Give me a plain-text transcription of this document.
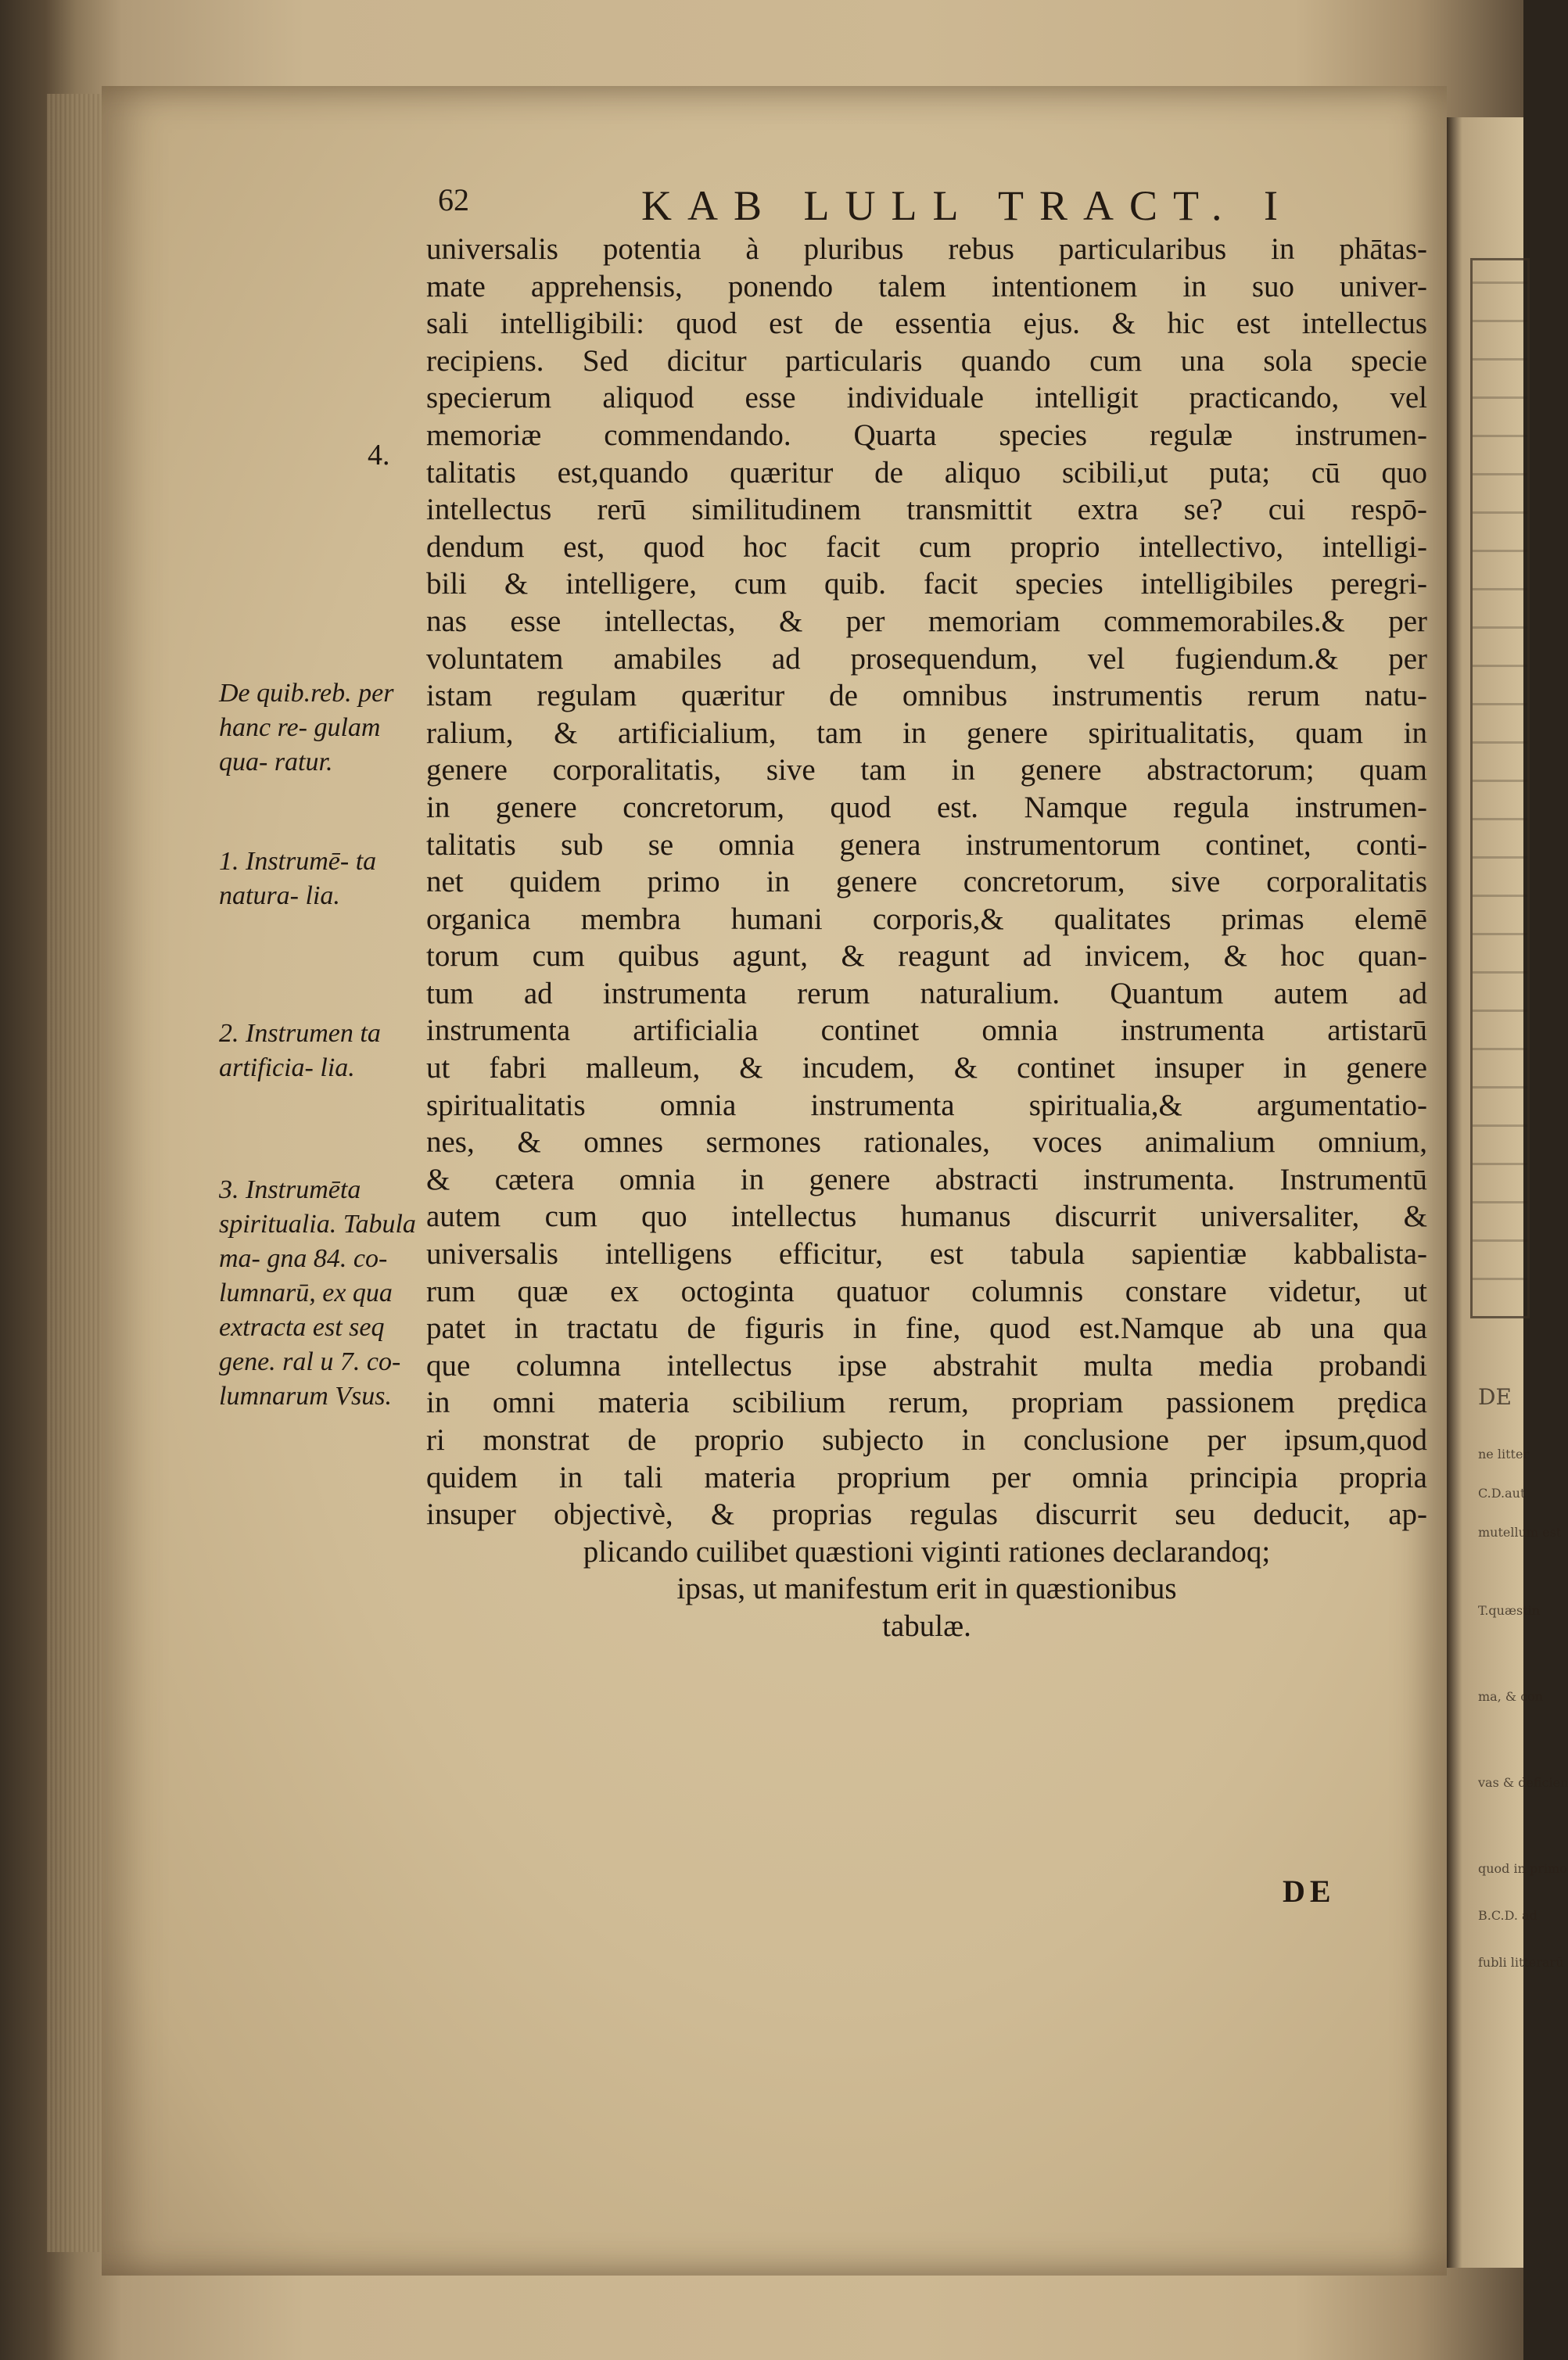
DE
ne litter
C.D.aut
mutellum est
T.quæstin
ma, & con
vas & deficien
quod in primo
B.C.D. ad
fubli litterarū
62	KAB LULL TRACT. I
4.
De quib.reb. per hanc re- gulam qua- ratur.
1. Instrumē- ta natura- lia.
2. Instrumen ta artificia- lia.
3. Instrumēta spiritualia. Tabula ma- gna 84. co- lumnarū, ex qua extracta est seq gene. ral u 7. co- lumnarum Vsus.
universalis potentia à pluribus rebus particularibus in phātas-
mate apprehensis, ponendo talem intentionem in suo univer-
sali intelligibili: quod est de essentia ejus. & hic est intellectus
recipiens. Sed dicitur particularis quando cum una sola specie
specierum aliquod esse individuale intelligit practicando, vel
memoriæ commendando. Quarta species regulæ instrumen-
talitatis est,quando quæritur de aliquo scibili,ut puta; cū quo
intellectus rerū similitudinem transmittit extra se? cui respō-
dendum est, quod hoc facit cum proprio intellectivo, intelligi-
bili & intelligere, cum quib. facit species intelligibiles peregri-
nas esse intellectas, & per memoriam commemorabiles.& per
voluntatem amabiles ad prosequendum, vel fugiendum.& per
istam regulam quæritur de omnibus instrumentis rerum natu-
ralium, & artificialium, tam in genere spiritualitatis, quam in
genere corporalitatis, sive tam in genere abstractorum; quam
in genere concretorum, quod est. Namque regula instrumen-
talitatis sub se omnia genera instrumentorum continet, conti-
net quidem primo in genere concretorum, sive corporalitatis
organica membra humani corporis,& qualitates primas elemē
torum cum quibus agunt, & reagunt ad invicem, & hoc quan-
tum ad instrumenta rerum naturalium. Quantum autem ad
instrumenta artificialia continet omnia instrumenta artistarū
ut fabri malleum, & incudem, & continet insuper in genere
spiritualitatis omnia instrumenta spiritualia,& argumentatio-
nes, & omnes sermones rationales, voces animalium omnium,
& cætera omnia in genere abstracti instrumenta. Instrumentū
autem cum quo intellectus humanus discurrit universaliter, &
universalis intelligens efficitur, est tabula sapientiæ kabbalista-
rum quæ ex octoginta quatuor columnis constare videtur, ut
patet in tractatu de figuris in fine, quod est.Namque ab una qua
que columna intellectus ipse abstrahit multa media probandi
in omni materia scibilium rerum, propriam passionem prędica
ri monstrat de proprio subjecto in conclusione per ipsum,quod
quidem in tali materia proprium per omnia principia propria
insuper objectivè, & proprias regulas discurrit seu deducit, ap-
plicando cuilibet quæstioni viginti rationes declarandoq;
ipsas, ut manifestum erit in quæstionibus
tabulæ.
DE
